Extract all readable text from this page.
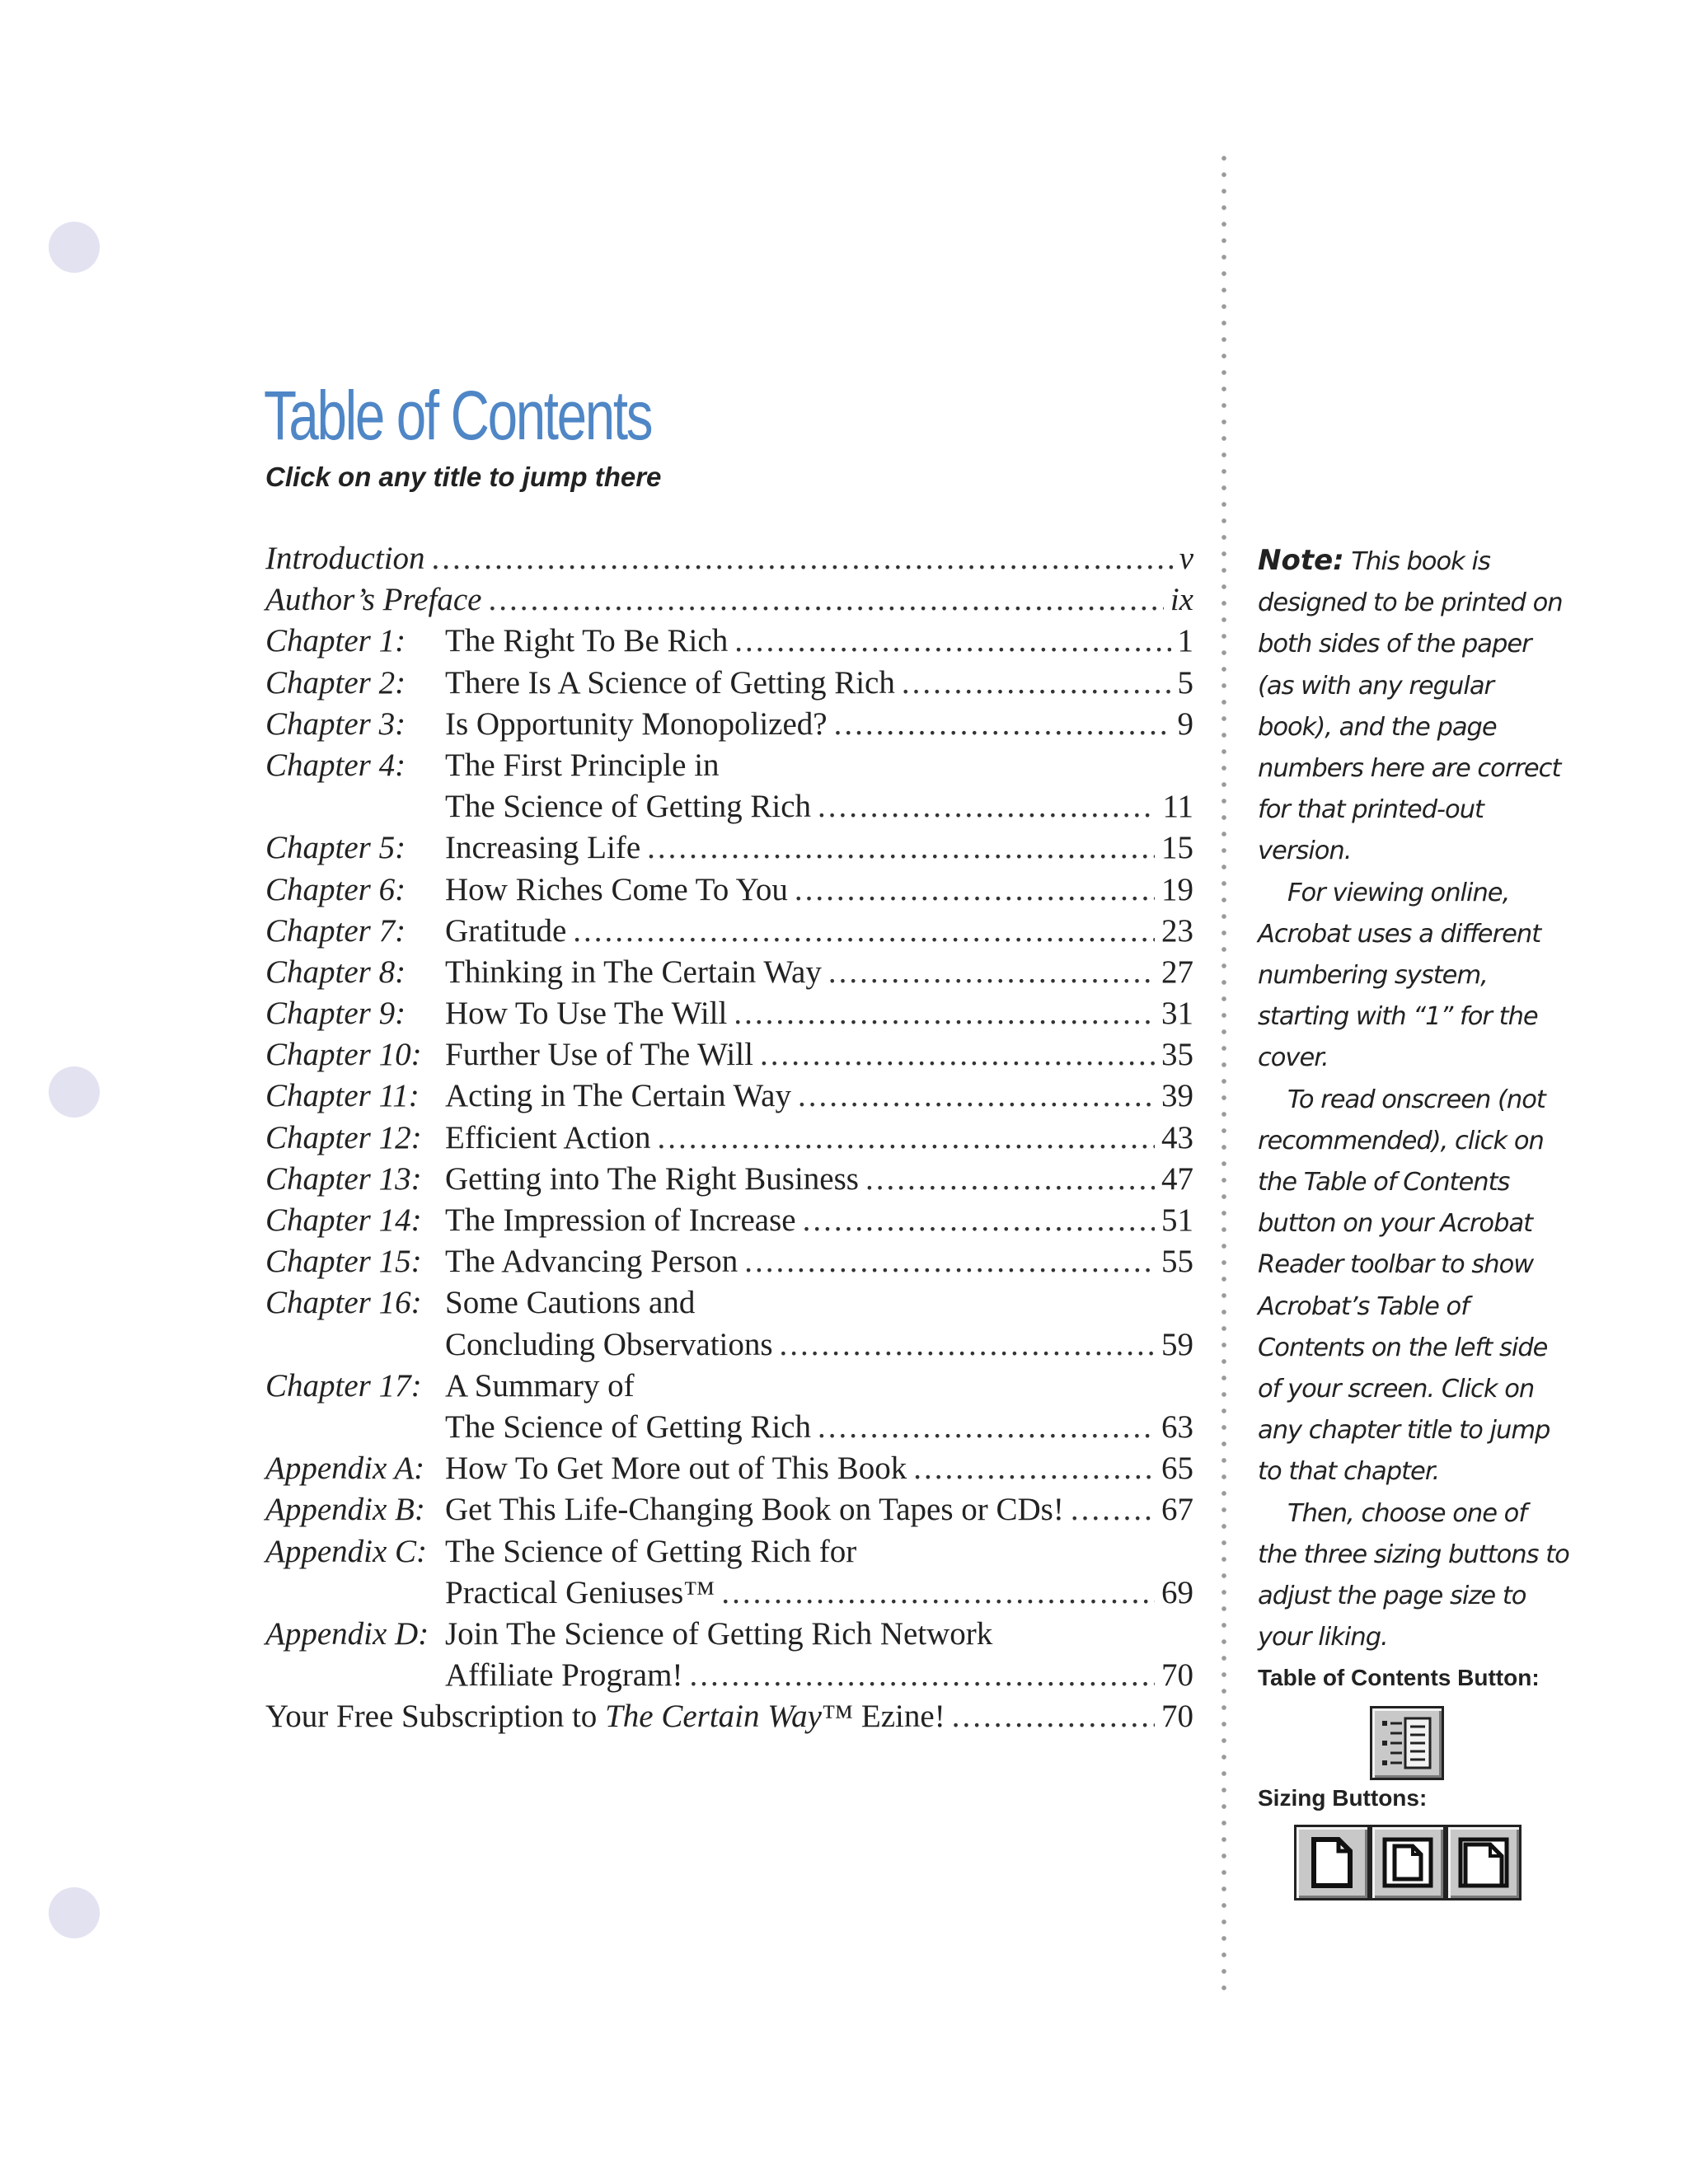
Table of Contents
Click on any title to jump there
Introduction .....	v
Author’s Preface .....	ix
Chapter 1:	The Right To Be Rich .....	1
Chapter 2:	There Is A Science of Getting Rich .....	5
Chapter 3:	Is Opportunity Monopolized? .....	9
Chapter 4:	The First Principle in
The Science of Getting Rich .....	11
Chapter 5:	Increasing Life .....	15
Chapter 6:	How Riches Come To You .....	19
Chapter 7:	Gratitude .....	23
Chapter 8:	Thinking in The Certain Way .....	27
Chapter 9:	How To Use The Will .....	31
Chapter 10: Further Use of The Will .....	35
Chapter 11: Acting in The Certain Way .....	39
Chapter 12: Efficient Action .....	43
Chapter 13: Getting into The Right Business .....	47
Chapter 14: The Impression of Increase .....	51
Chapter 15: The Advancing Person .....	55
Chapter 16: Some Cautions and
Concluding Observations .....	59
Chapter 17: A Summary of
The Science of Getting Rich .....	63
Appendix A: How To Get More out of This Book .....	65
Appendix B: Get This Life-Changing Book on Tapes or CDs! .....	67
Appendix C: The Science of Getting Rich for
Practical Geniuses™ .....	69
Appendix D: Join The Science of Getting Rich Network
Affiliate Program! .....	70
Your Free Subscription to The Certain Way ™ Ezine! .....	70

Note: This book is designed to be printed on both sides of the paper (as with any regular book), and the page numbers here are correct for that printed-out version.

For viewing online, Acrobat uses a different numbering system, starting with “1” for the cover.

To read onscreen (not recommended), click on the Table of Contents button on your Acrobat Reader toolbar to show Acrobat’s Table of Contents on the left side of your screen. Click on any chapter title to jump to that chapter.

Then, choose one of the three sizing buttons to adjust the page size to your liking.

Table of Contents Button:
Sizing Buttons:
